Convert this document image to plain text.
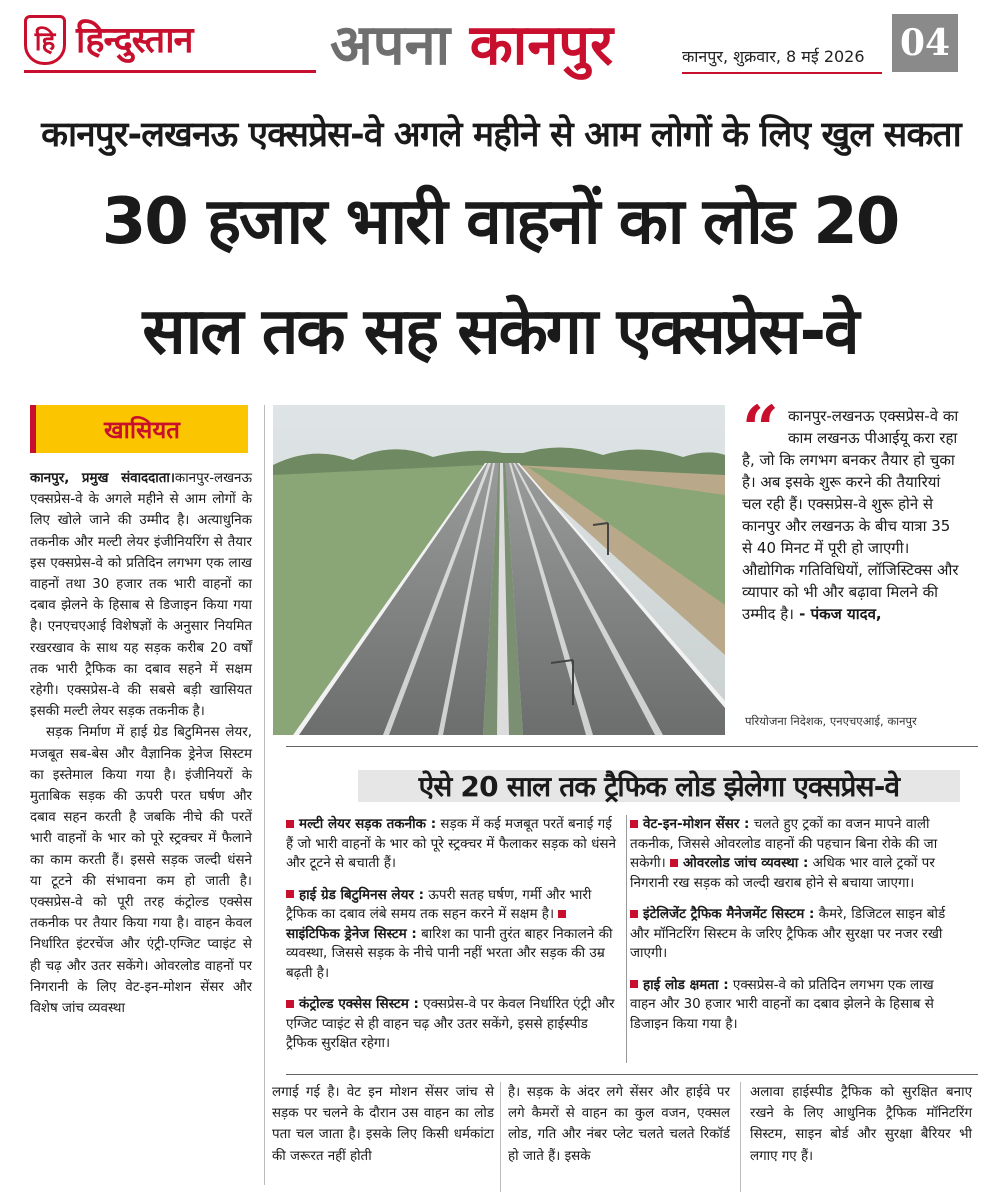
हि हिन्दुस्तान अपना कानपुर	कानपुर, शुक्रवार, 8 मई 2026 04
कानपुर-लखनऊ एक्सप्रेस-वे अगले महीने से आम लोगों के लिए खुल सकता
30 हजार भारी वाहनों का लोड 20
साल तक सह सकेगा एक्सप्रेस-वे
खासियत

कानपुर, प्रमुख संवाददाता।कानपुर-लखनऊ एक्सप्रेस-वे के अगले महीने से आम लोगों के लिए खोले जाने की उम्मीद है। अत्याधुनिक तकनीक और मल्टी लेयर इंजीनियरिंग से तैयार इस एक्सप्रेस-वे को प्रतिदिन लगभग एक लाख वाहनों तथा 30 हजार तक भारी वाहनों का दबाव झेलने के हिसाब से डिजाइन किया गया है। एनएचएआई विशेषज्ञों के अनुसार नियमित रखरखाव के साथ यह सड़क करीब 20 वर्षों तक भारी ट्रैफिक का दबाव सहने में सक्षम रहेगी। एक्सप्रेस-वे की सबसे बड़ी खासियत इसकी मल्टी लेयर सड़क तकनीक है।

सड़क निर्माण में हाई ग्रेड बिटुमिनस लेयर, मजबूत सब-बेस और वैज्ञानिक ड्रेनेज सिस्टम का इस्तेमाल किया गया है। इंजीनियरों के मुताबिक सड़क की ऊपरी परत घर्षण और दबाव सहन करती है जबकि नीचे की परतें भारी वाहनों के भार को पूरे स्ट्रक्चर में फैलाने का काम करती हैं। इससे सड़क जल्दी धंसने या टूटने की संभावना कम हो जाती है। एक्सप्रेस-वे को पूरी तरह कंट्रोल्ड एक्सेस तकनीक पर तैयार किया गया है। वाहन केवल निर्धारित इंटरचेंज और एंट्री-एग्जिट प्वाइंट से ही चढ़ और उतर सकेंगे। ओवरलोड वाहनों पर निगरानी के लिए वेट-इन-मोशन सेंसर और विशेष जांच व्यवस्था

“ कानपुर-लखनऊ एक्सप्रेस-वे का काम लखनऊ पीआईयू करा रहा है, जो कि लगभग बनकर तैयार हो चुका है। अब इसके शुरू करने की तैयारियां चल रही हैं। एक्सप्रेस-वे शुरू होने से कानपुर और लखनऊ के बीच यात्रा 35 से 40 मिनट में पूरी हो जाएगी। औद्योगिक गतिविधियों, लॉजिस्टिक्स और व्यापार को भी और बढ़ावा मिलने की उम्मीद है। - पंकज यादव,
परियोजना निदेशक, एनएचएआई, कानपुर
ऐसे 20 साल तक ट्रैफिक लोड झेलेगा एक्सप्रेस-वे
मल्टी लेयर सड़क तकनीक : सड़क में कई मजबूत परतें बनाई गई हैं जो भारी वाहनों के भार को पूरे स्ट्रक्चर में फैलाकर सड़क को धंसने और टूटने से बचाती हैं।
हाई ग्रेड बिटुमिनस लेयर : ऊपरी सतह घर्षण, गर्मी और भारी ट्रैफिक का दबाव लंबे समय तक सहन करने में सक्षम है। साइंटिफिक ड्रेनेज सिस्टम : बारिश का पानी तुरंत बाहर निकालने की व्यवस्था, जिससे सड़क के नीचे पानी नहीं भरता और सड़क की उम्र बढ़ती है।
कंट्रोल्ड एक्सेस सिस्टम : एक्सप्रेस-वे पर केवल निर्धारित एंट्री और एग्जिट प्वाइंट से ही वाहन चढ़ और उतर सकेंगे, इससे हाईस्पीड ट्रैफिक सुरक्षित रहेगा।
वेट-इन-मोशन सेंसर : चलते हुए ट्रकों का वजन मापने वाली तकनीक, जिससे ओवरलोड वाहनों की पहचान बिना रोके की जा सकेगी। ओवरलोड जांच व्यवस्था : अधिक भार वाले ट्रकों पर निगरानी रख सड़क को जल्दी खराब होने से बचाया जाएगा।
इंटेलिजेंट ट्रैफिक मैनेजमेंट सिस्टम : कैमरे, डिजिटल साइन बोर्ड और मॉनिटरिंग सिस्टम के जरिए ट्रैफिक और सुरक्षा पर नजर रखी जाएगी।
हाई लोड क्षमता : एक्सप्रेस-वे को प्रतिदिन लगभग एक लाख वाहन और 30 हजार भारी वाहनों का दबाव झेलने के हिसाब से डिजाइन किया गया है।
लगाई गई है। वेट इन मोशन सेंसर जांच से सड़क पर चलने के दौरान उस वाहन का लोड पता चल जाता है। इसके लिए किसी धर्मकांटा की जरूरत नहीं होती
है। सड़क के अंदर लगे सेंसर और हाईवे पर लगे कैमरों से वाहन का कुल वजन, एक्सल लोड, गति और नंबर प्लेट चलते चलते रिकॉर्ड हो जाते हैं। इसके
अलावा हाईस्पीड ट्रैफिक को सुरक्षित बनाए रखने के लिए आधुनिक ट्रैफिक मॉनिटरिंग सिस्टम, साइन बोर्ड और सुरक्षा बैरियर भी लगाए गए हैं।
